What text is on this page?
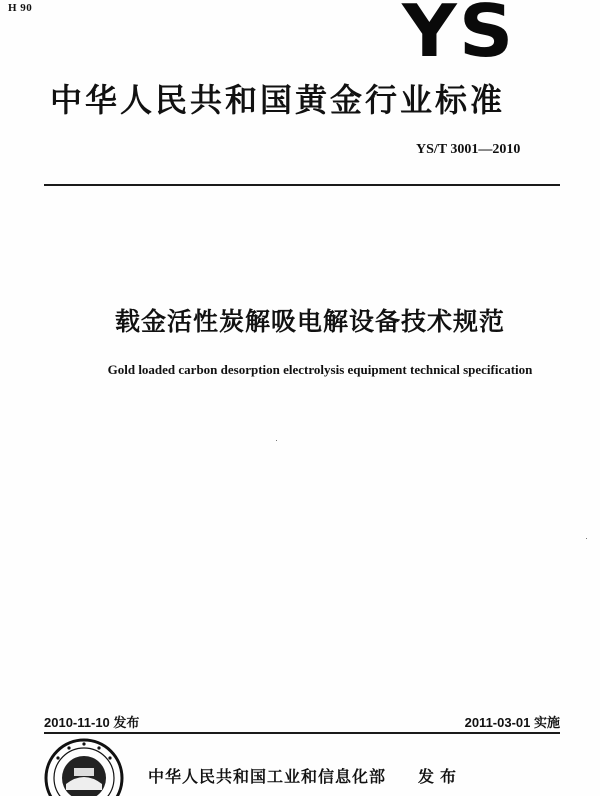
H 90	YS
中华人民共和国黄金行业标准
YS/T 3001—2010
载金活性炭解吸电解设备技术规范
Gold loaded carbon desorption electrolysis equipment technical specification
2010-11-10 发布	2011-03-01 实施
中华人民共和国工业和信息化部 发布
